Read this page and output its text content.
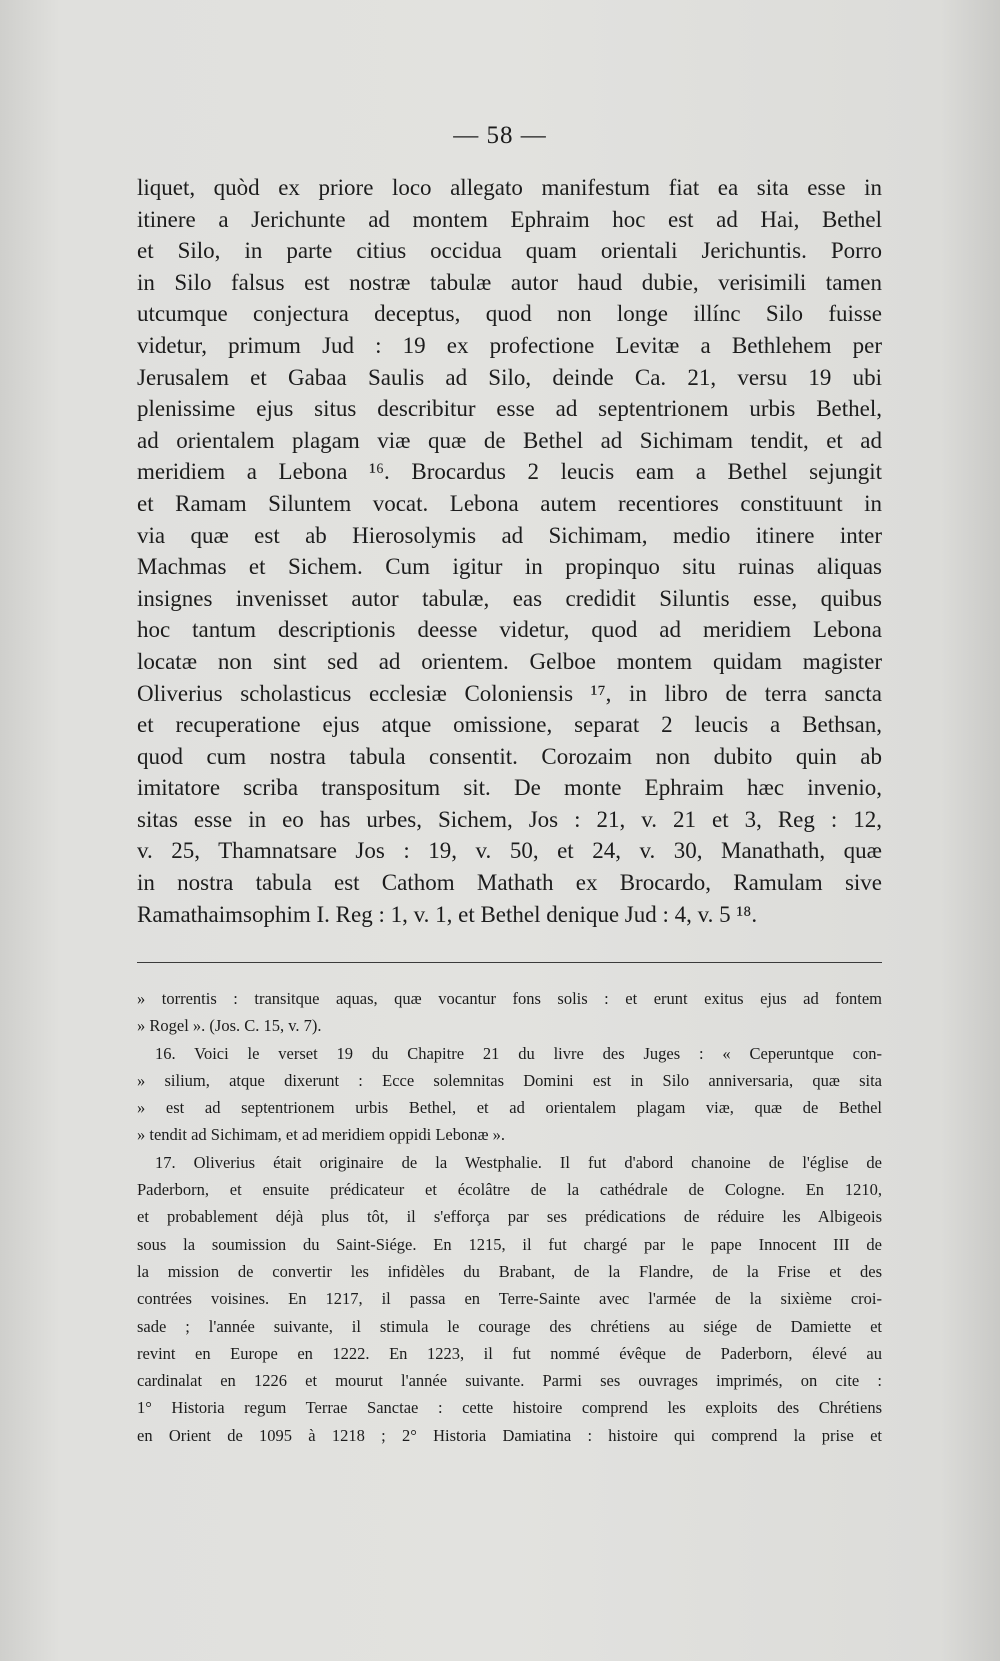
— 58 —
liquet, quòd ex priore loco allegato manifestum fiat ea sita esse in
itinere a Jerichunte ad montem Ephraim hoc est ad Hai, Bethel
et Silo, in parte citius occidua quam orientali Jerichuntis. Porro
in Silo falsus est nostræ tabulæ autor haud dubie, verisimili tamen
utcumque conjectura deceptus, quod non longe illínc Silo fuisse
videtur, primum Jud : 19 ex profectione Levitæ a Bethlehem per
Jerusalem et Gabaa Saulis ad Silo, deinde Ca. 21, versu 19 ubi
plenissime ejus situs describitur esse ad septentrionem urbis Bethel,
ad orientalem plagam viæ quæ de Bethel ad Sichimam tendit, et ad
meridiem a Lebona ¹⁶. Brocardus 2 leucis eam a Bethel sejungit
et Ramam Siluntem vocat. Lebona autem recentiores constituunt in
via quæ est ab Hierosolymis ad Sichimam, medio itinere inter
Machmas et Sichem. Cum igitur in propinquo situ ruinas aliquas
insignes invenisset autor tabulæ, eas credidit Siluntis esse, quibus
hoc tantum descriptionis deesse videtur, quod ad meridiem Lebona
locatæ non sint sed ad orientem. Gelboe montem quidam magister
Oliverius scholasticus ecclesiæ Coloniensis ¹⁷, in libro de terra sancta
et recuperatione ejus atque omissione, separat 2 leucis a Bethsan,
quod cum nostra tabula consentit. Corozaim non dubito quin ab
imitatore scriba transpositum sit. De monte Ephraim hæc invenio,
sitas esse in eo has urbes, Sichem, Jos : 21, v. 21 et 3, Reg : 12,
v. 25, Thamnatsare Jos : 19, v. 50, et 24, v. 30, Manathath, quæ
in nostra tabula est Cathom Mathath ex Brocardo, Ramulam sive
Ramathaimsophim I. Reg : 1, v. 1, et Bethel denique Jud : 4, v. 5 ¹⁸.
» torrentis : transitque aquas, quæ vocantur fons solis : et erunt exitus ejus ad fontem
» Rogel ». (Jos. C. 15, v. 7).
16. Voici le verset 19 du Chapitre 21 du livre des Juges : « Ceperuntque con-
» silium, atque dixerunt : Ecce solemnitas Domini est in Silo anniversaria, quæ sita
» est ad septentrionem urbis Bethel, et ad orientalem plagam viæ, quæ de Bethel
» tendit ad Sichimam, et ad meridiem oppidi Lebonæ ».
17. Oliverius était originaire de la Westphalie. Il fut d'abord chanoine de l'église de
Paderborn, et ensuite prédicateur et écolâtre de la cathédrale de Cologne. En 1210,
et probablement déjà plus tôt, il s'efforça par ses prédications de réduire les Albigeois
sous la soumission du Saint-Siége. En 1215, il fut chargé par le pape Innocent III de
la mission de convertir les infidèles du Brabant, de la Flandre, de la Frise et des
contrées voisines. En 1217, il passa en Terre-Sainte avec l'armée de la sixième croi-
sade ; l'année suivante, il stimula le courage des chrétiens au siége de Damiette et
revint en Europe en 1222. En 1223, il fut nommé évêque de Paderborn, élevé au
cardinalat en 1226 et mourut l'année suivante. Parmi ses ouvrages imprimés, on cite :
1° Historia regum Terrae Sanctae : cette histoire comprend les exploits des Chrétiens
en Orient de 1095 à 1218 ; 2° Historia Damiatina : histoire qui comprend la prise et
